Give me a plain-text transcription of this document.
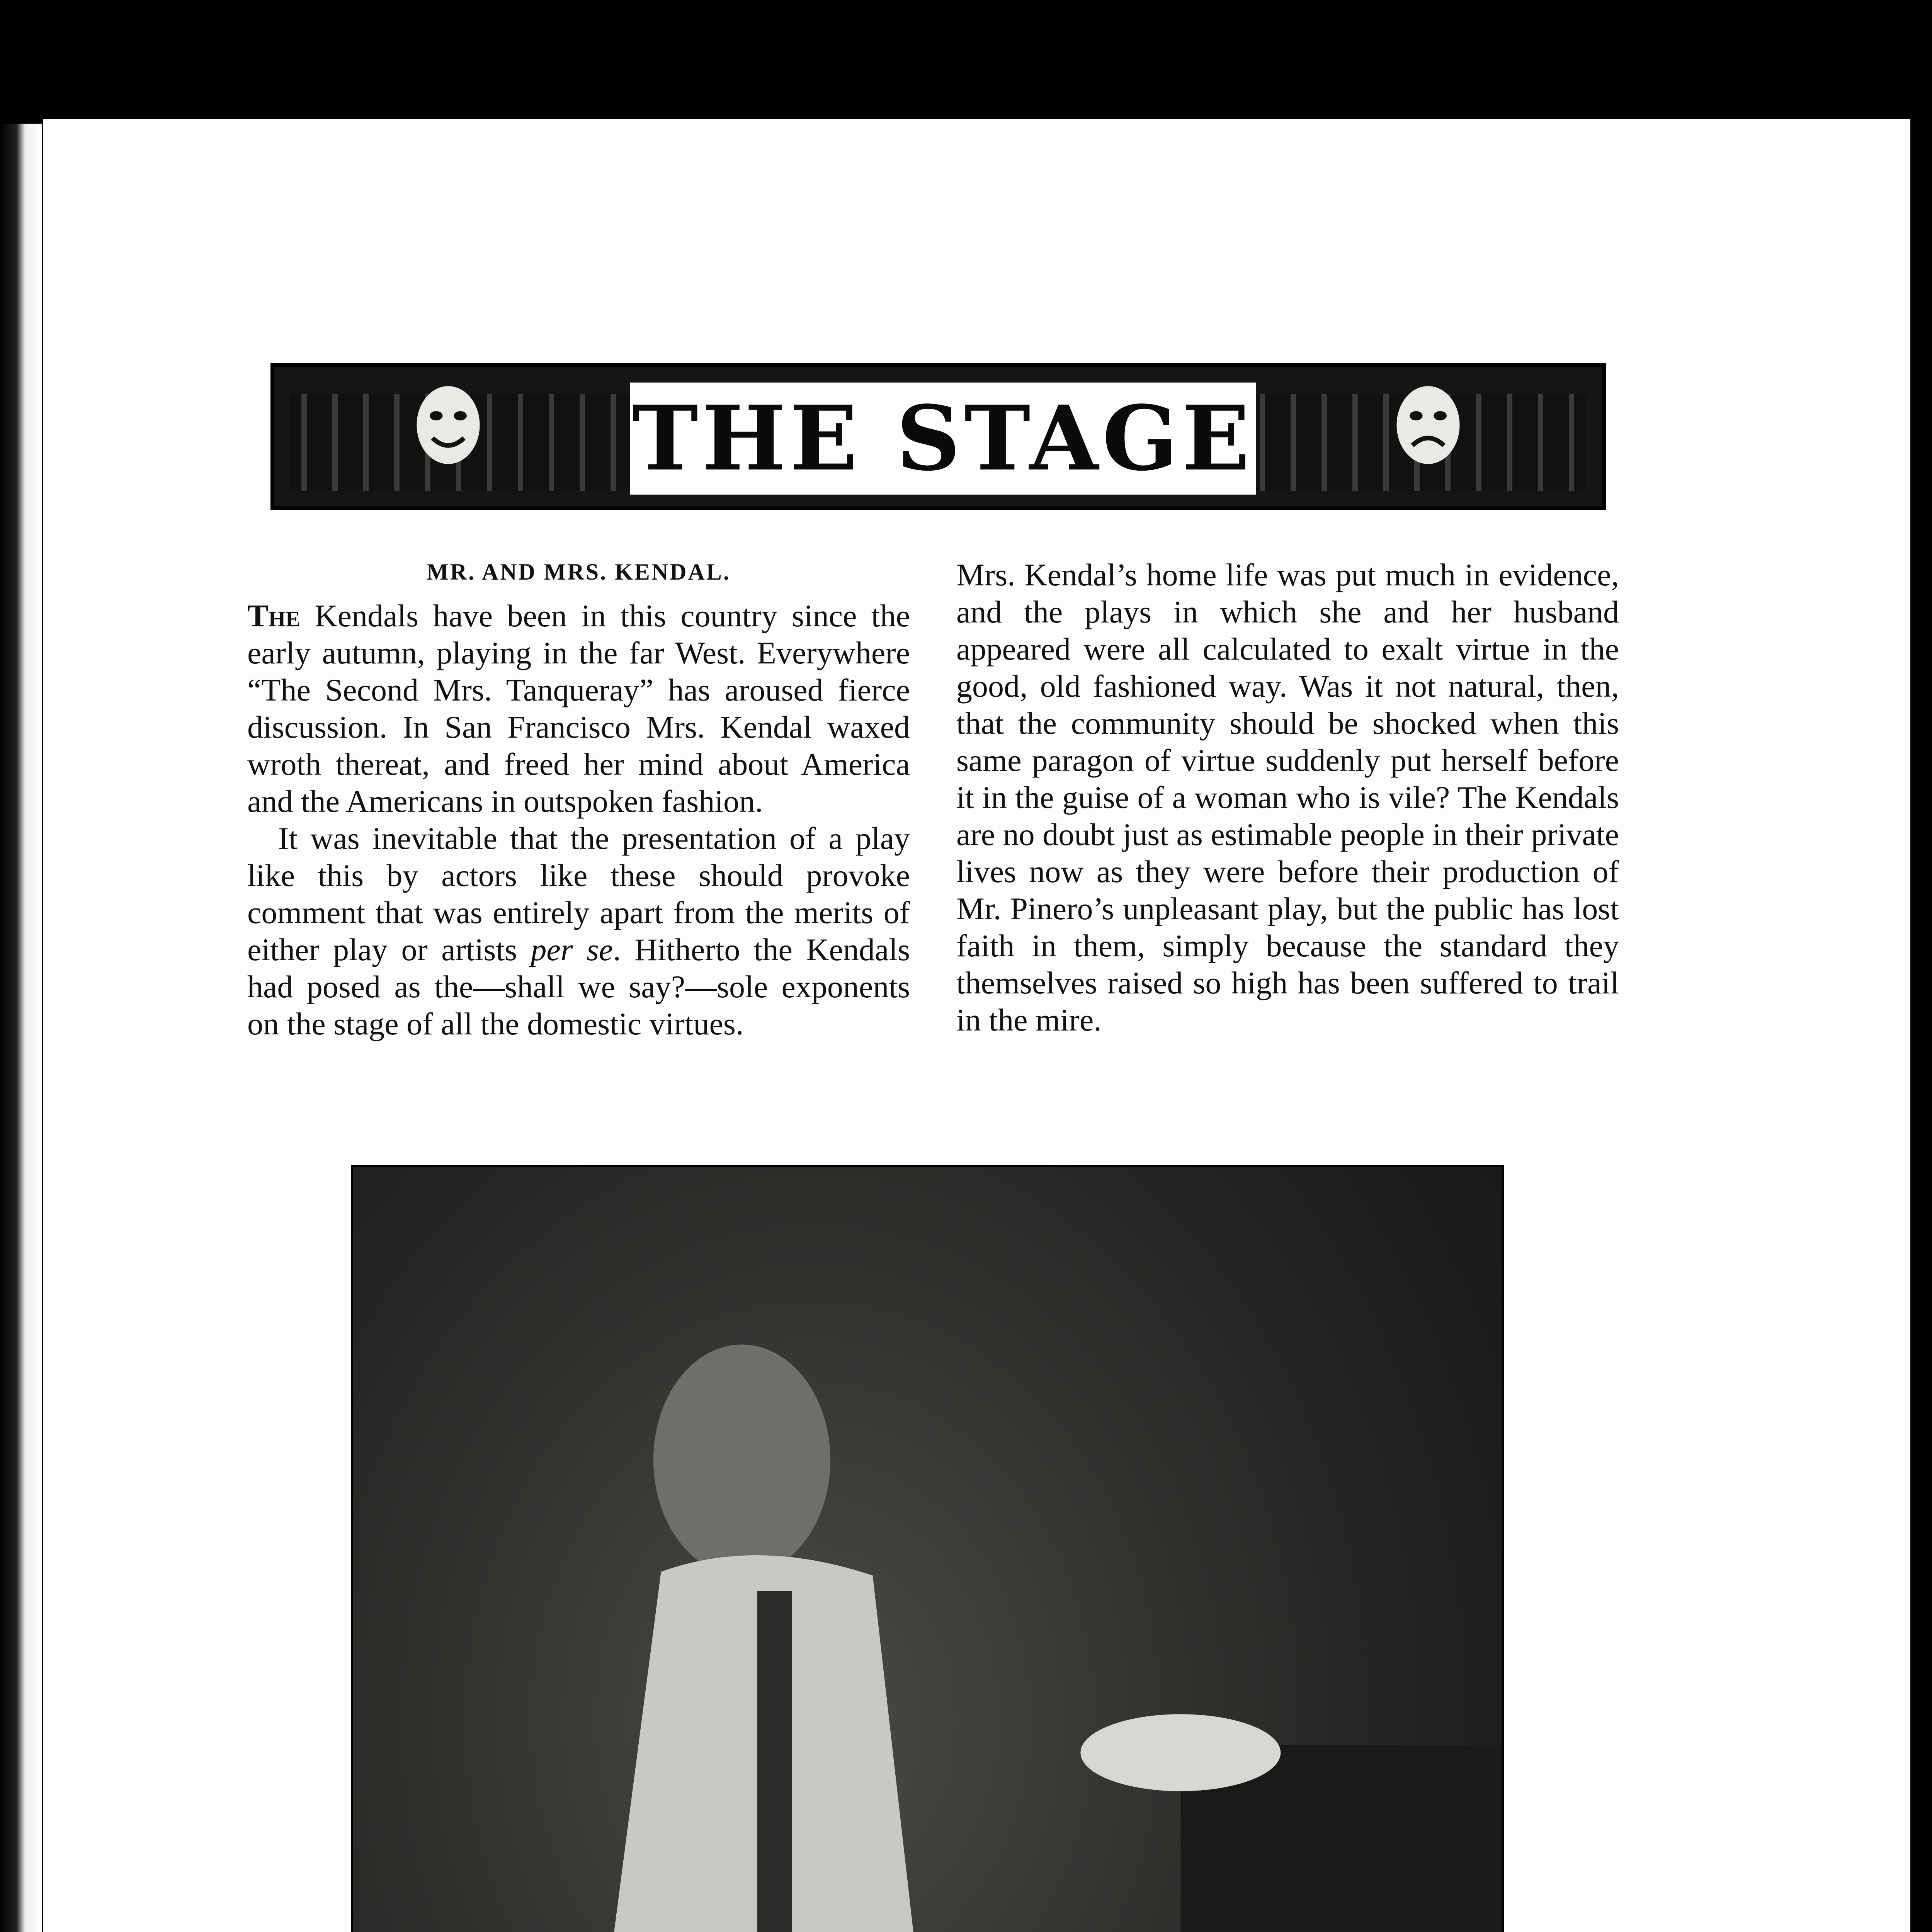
THE STAGE
MR. AND MRS. KENDAL.

The Kendals have been in this country since the early autumn, playing in the far West. Everywhere “The Second Mrs. Tanqueray” has aroused fierce discussion. In San Francisco Mrs. Kendal waxed wroth thereat, and freed her mind about America and the Americans in outspoken fashion.

It was inevitable that the presentation of a play like this by actors like these should provoke comment that was entirely apart from the merits of either play or artists per se. Hitherto the Kendals had posed as the—shall we say?—sole exponents on the stage of all the domestic virtues.

Mrs. Kendal’s home life was put much in evidence, and the plays in which she and her husband appeared were all calculated to exalt virtue in the good, old fashioned way. Was it not natural, then, that the community should be shocked when this same paragon of virtue suddenly put herself before it in the guise of a woman who is vile? The Kendals are no doubt just as estimable people in their private lives now as they were before their production of Mr. Pinero’s unpleasant play, but the public has lost faith in them, simply because the standard they themselves raised so high has been suffered to trail in the mire.
